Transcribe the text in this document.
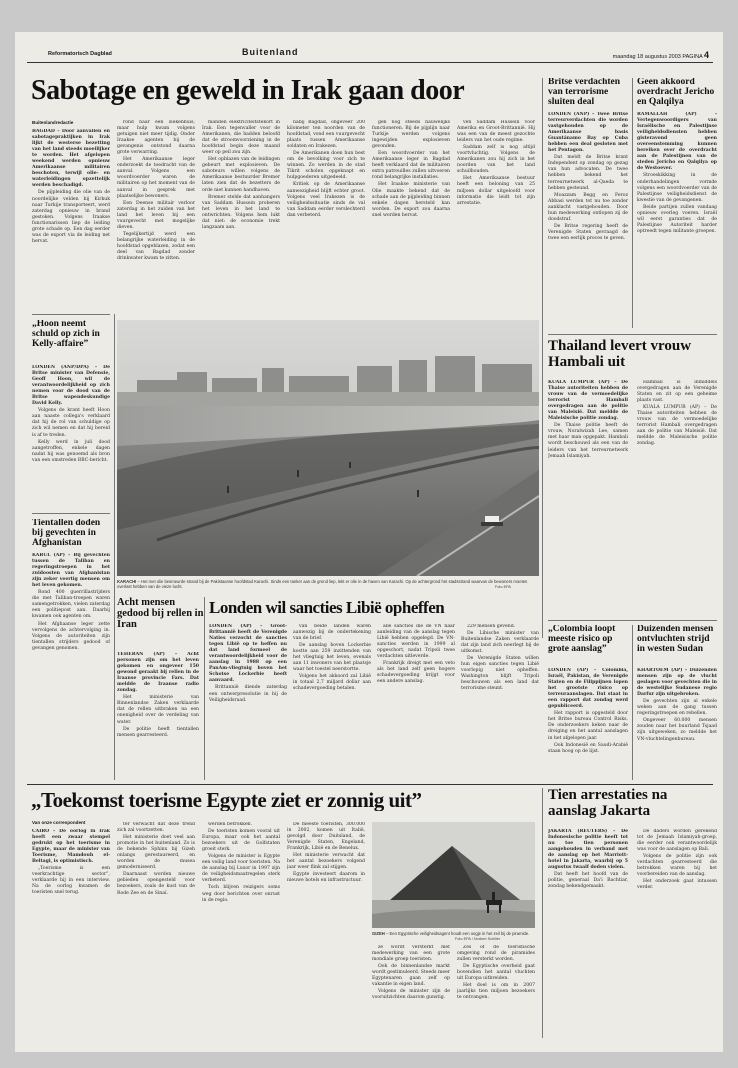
Reformatorisch Dagblad	Buitenland	maandag 18 augustus 2003 PAGINA 4
Sabotage en geweld in Irak gaan door
Buitenlandredactie

BAGDAD – Door aanvallen en sabotagepraktijken in Irak lijkt de westerse bezetting van het land steeds moeilijker te worden. Het afgelopen weekend werden opnieuw Amerikaanse militairen beschoten, terwijl olie- en waterleidingen opzettelijk werden beschadigd.

De pijpleiding die olie van de noordelijke velden bij Kirkuk naar Turkije transporteert, werd zaterdag opnieuw in brand gestoken. Volgens Iraakse functionarissen liep de leiding grote schade op. Een dag eerder was de export via de leiding net hervat.

rond naar een ziekenhuis, maar hulp kwam volgens getuigen niet meer tijdig. Onder Iraakse agenten bij de gevangenis ontstond daarna grote verwarring.

Het Amerikaanse leger onderzoekt de toedracht van de aanval. Volgens een woordvoerder waren de militairen op het moment van de aanval in gesprek met plaatselijke bewoners.

Een Deense militair verloor zaterdag in het zuiden van het land het leven bij een vuurgevecht met mogelijke dieven.

Tegelijkertijd werd een belangrijke waterleiding in de hoofdstad opgeblazen, zodat een deel van Bagdad zonder drinkwater kwam te zitten.

manden elektriciteitstekort in Irak. Een tegenvaller voor de Amerikanen, die hadden beloofd dat de stroomvoorziening in de hoofdstad begin deze maand weer op peil zou zijn.

Het opblazen van de leidingen gebeurt met explosieven. De saboteurs willen volgens de Amerikaanse bestuurder Bremer laten zien dat de bezetters de orde niet kunnen handhaven.

Bremer stelde dat aanhangers van Saddam Hussein proberen het leven in het land te ontwrichten. Volgens hem lukt dat niet: de economie trekt langzaam aan.

nabij Bagdad, ongeveer 200 kilometer ten noorden van de hoofdstad, vond een vuurgevecht plaats tussen Amerikaanse soldaten en Irakezen.

De Amerikanen doen hun best om de bevolking voor zich te winnen. Zo werden in de stad Tikrit scholen opgeknapt en hulpgoederen uitgedeeld.

Kritiek op de Amerikaanse aanwezigheid blijft echter groot. Volgens veel Irakezen is de veiligheidssituatie sinds de val van Saddam eerder verslechterd dan verbeterd.

gen nog steeds nauwelijks functioneren. Bij de pijplijn naar Turkije werden volgens ingewijden explosieven gevonden.

Een woordvoerder van het Amerikaanse leger in Bagdad heeft verklaard dat de militairen extra patrouilles zullen uitvoeren rond belangrijke installaties.

Het Iraakse ministerie van Olie maakte bekend dat de schade aan de pijpleiding binnen enkele dagen hersteld kan worden. De export zou daarna snel worden hervat.

ven Saddam Hussein voor Amerika en Groot-Brittannië. Hij was een van de meest gezochte leiders van het oude regime.

Saddam zelf is nog altijd voortvluchtig. Volgens de Amerikanen zou hij zich in het noorden van het land schuilhouden.

Het Amerikaanse bestuur heeft een beloning van 25 miljoen dollar uitgeloofd voor informatie die leidt tot zijn arrestatie.

Britse verdachten van terrorisme sluiten deal

LONDEN (ANP) – Twee Britse terreurverdachten die worden vastgehouden op de Amerikaanse basis Guantánamo Bay op Cuba hebben een deal gesloten met het Pentagon.

Dat meldt de Britse krant Independent op zondag op gezag van hun advocaten. De twee hebben bekend het terreurnetwerk al-Qaeda te hebben gesteund.

Moazzam Begg en Feroz Abbasi werden tot nu toe zonder aanklacht vastgehouden. Door hun medewerking ontlopen zij de doodstraf.

De Britse regering heeft de Verenigde Staten gevraagd de twee een eerlijk proces te geven.

Geen akkoord overdracht Jericho en Qalqilya

RAMALLAH (AP) – Vertegenwoordigers van Israëlische en Palestijnse veiligheidsdiensten hebben gisteravond geen overeenstemming kunnen bereiken over de overdracht aan de Palestijnen van de steden Jericho en Qalqilya op de Westoever.

Stroeskikking in de onderhandelingen vormde volgens een woordvoerder van de Palestijnse veiligheidsdienst de kwestie van de gevangenen.

Beide partijen zullen vandaag opnieuw overleg voeren. Israël wil eerst garanties dat de Palestijnse Autoriteit harder optreedt tegen militante groepen.

Thailand levert vrouw Hambali uit

KUALA LUMPUR (AP) – De Thaise autoriteiten hebben de vrouw van de vermoedelijke terrorist Hambali overgedragen aan de politie van Maleisië. Dat meldde de Maleisische politie zondag.

De Thaise politie heeft de vrouw, Noralwizah Lee, samen met haar man opgepakt. Hambali wordt beschouwd als een van de leiders van het terreurnetwerk Jemaah Islamiyah.

Hambali is inmiddels overgedragen aan de Verenigde Staten en zit op een geheime plaats vast.

KUALA LUMPUR (AP) – De Thaise autoriteiten hebben de vrouw van de vermoedelijke terrorist Hambali overgedragen aan de politie van Maleisië. Dat meldde de Maleisische politie zondag.

„Hoon neemt schuld op zich in Kelly-affaire”

LONDEN (ANP/DPA) – De Britse minister van Defensie, Geoff Hoon, wil de verantwoordelijkheid op zich nemen voor de dood van de Britse wapendeskundige David Kelly.

Volgens de krant heeft Hoon aan naaste collega's verklaard dat hij de rol van schuldige op zich wil nemen en dat hij bereid is af te treden.

Kelly werd in juli dood aangetroffen, enkele dagen nadat hij was genoemd als bron van een omstreden BBC-bericht.

Tientallen doden bij gevechten in Afghanistan

KABUL (AP) – Bij gevechten tussen de Taliban en regeringstroepen in het zuidoosten van Afghanistan zijn zeker veertig mensen om het leven gekomen.

Rond 400 guerrillastrijders die met Taliban-troepen waren samengetrokken, vielen zaterdag een politiepost aan. Daarbij kwamen ook agenten om.

Het Afghaanse leger zette vervolgens de achtervolging in. Volgens de autoriteiten zijn tientallen strijders gedood of gevangen genomen.

KARACHI – Het met olie besmeurde strand bij de Pakistaanse hoofdstad Karachi. Sinds een tanker aan de grond liep, lekt er olie in de haven van Karachi. Op de achtergrond het stadsstrand waarvan de bewoners moeten overlast hebben van de vieze lucht.	Foto EPA
Acht mensen gedood bij rellen in Iran

TEHERAN (AP) – Acht personen zijn om het leven gekomen en ongeveer 150 gewond geraakt bij rellen in de Iraanse provincie Fars. Dat meldde de Iraanse radio zondag.

Het ministerie van Binnenlandse Zaken verklaarde dat de rellen uitbraken na een onenigheid over de verdeling van water.

De politie heeft tientallen mensen gearresteerd.

Londen wil sancties Libië opheffen

LONDEN (AP) – Groot-Brittannië heeft de Verenigde Naties verzocht de sancties tegen Libië op te heffen nu dat land formeel de verantwoordelijkheid voor de aanslag in 1988 op een PanAm-vliegtuig boven het Schotse Lockerbie heeft aanvaard.

Brittannië diende zaterdag een ontwerpresolutie in bij de Veiligheidsraad.

van beide landen waren aanwezig bij de ondertekening van de brief.

De aanslag boven Lockerbie kostte aan 259 inzittenden van het vliegtuig het leven, evenals aan 11 inwoners van het plaatsje waar het toestel neerstortte.

Volgens het akkoord zal Libië in totaal 2,7 miljard dollar aan schadevergoeding betalen.

alle sancties die de VN naar aanleiding van de aanslag tegen Libië hebben opgelegd. De VN-sancties werden in 1999 al opgeschort, nadat Tripoli twee verdachten uitleverde.

Frankrijk dreigt met een veto als het land zelf geen hogere schadevergoeding krijgt voor een andere aanslag.

229 mensen gevend.

De Libische minister van Buitenlandse Zaken verklaarde dat zijn land zich neerlegt bij de uitkomst.

De Verenigde Staten willen hun eigen sancties tegen Libië voorlopig niet opheffen. Washington blijft Tripoli beschouwen als een land dat terrorisme steunt.

„Colombia loopt meeste risico op grote aanslag”

LONDEN (AP) – Colombia, Israël, Pakistan, de Verenigde Staten en de Filippijnen lopen het grootste risico op terreuraanslagen. Dat staat in een rapport dat zondag werd gepubliceerd.

Het rapport is opgesteld door het Britse bureau Control Risks. De onderzoekers keken naar de dreiging en het aantal aanslagen in het afgelopen jaar.

Ook Indonesië en Saudi-Arabië staan hoog op de lijst.

Duizenden mensen ontvluchten strijd in westen Sudan

KHARTOEM (AP) – Duizenden mensen zijn op de vlucht geslagen voor gevechten die in de westelijke Sudanese regio Darfur zijn uitgebroken.

De gevechten zijn al enkele weken aan de gang tussen regeringstroepen en rebellen.

Ongeveer 60.000 mensen zouden naar het buurland Tsjaad zijn uitgeweken, zo meldde het VN-vluchtelingenbureau.

„Toekomst toerisme Egypte ziet er zonnig uit”
Van onze correspondent

CAIRO – De oorlog in Irak heeft een zwaar stempel gedrukt op het toerisme in Egypte, maar de minister van Toerisme, Mamdouh el-Beltagi, is optimistisch.

„Toerisme is een veerkrachtige sector”, verklaarde hij in een interview. Na de oorlog kwamen de toeristen snel terug.

ter verwacht dat deze trend zich zal voortzetten.

Het ministerie doet veel aan promotie in het buitenland. Zo is de bekende Sphinx bij Gizeh onlangs gerestaureerd, en worden de musea gemoderniseerd.

Daarnaast worden nieuwe gebieden opengesteld voor bezoekers, zoals de kust van de Rode Zee en de Sinaï.

werden betrokken.

De toeristen komen vooral uit Europa, maar ook het aantal bezoekers uit de Golfstaten groeit sterk.

Volgens de minister is Egypte een veilig land voor toeristen. Na de aanslag bij Luxor in 1997 zijn de veiligheidsmaatregelen sterk verbeterd.

Toch blijven reizigers soms weg door berichten over onrust in de regio.

De meeste toeristen, 300.000 in 2002, komen uit Italië, gevolgd door Duitsland, de Verenigde Staten, Engeland, Frankrijk, Libië en de Benelux.

Het ministerie verwacht dat het aantal bezoekers volgend jaar weer flink zal stijgen.

Egypte investeert daarom in nieuwe hotels en infrastructuur.

GIZEH – Een Egyptische veiligheidsagent houdt een oogje in het zeil bij de piramide.
Foto EPA / Norbert Schiller

ze wordt versterkt met medewerking van een grote mondiale groep toeristen.

Ook de binnenlandse markt wordt gestimuleerd. Steeds meer Egyptenaren gaan zelf op vakantie in eigen land.

Volgens de minister zijn de vooruitzichten daarom gunstig.

Zes of de toeristische omgeving rond de piramides zullen versterkt worden.

De Egyptische overheid gaat bovendien het aantal vluchten uit Europa uitbreiden.

Het doel is om in 2007 jaarlijks tien miljoen bezoekers te ontvangen.

Tien arrestaties na aanslag Jakarta

JAKARTA (REUTERS) – De Indonesische politie heeft tot nu toe tien personen aangehouden in verband met de aanslag op het Marriott-hotel in Jakarta, waarbij op 5 augustus twaalf doden vielen.

Dat heeft het hoofd van de politie, generaal Da'i Bachtiar, zondag bekendgemaakt.

De daders worden gerekend tot de Jemaah Islamiyah-groep, die eerder ook verantwoordelijk was voor de aanslagen op Bali.

Volgens de politie zijn ook verdachten gearresteerd die betrokken waren bij het voorbereiden van de aanslag.

Het onderzoek gaat intussen verder.
